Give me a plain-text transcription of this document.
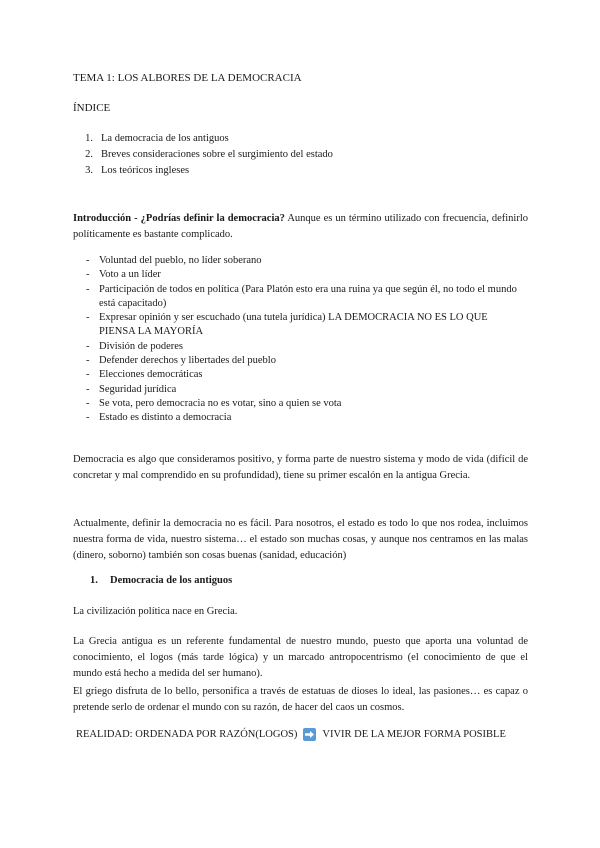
TEMA 1: LOS ALBORES DE LA DEMOCRACIA

ÍNDICE

1. La democracia de los antiguos
2. Breves consideraciones sobre el surgimiento del estado
3. Los teóricos ingleses

Introducción - ¿Podrías definir la democracia? Aunque es un término utilizado con frecuencia, definirlo políticamente es bastante complicado.

- Voluntad del pueblo, no líder soberano
- Voto a un líder
- Participación de todos en política (Para Platón esto era una ruina ya que según él, no todo el mundo está capacitado)
- Expresar opinión y ser escuchado (una tutela jurídica) LA DEMOCRACIA NO ES LO QUE PIENSA LA MAYORÍA
- División de poderes
- Defender derechos y libertades del pueblo
- Elecciones democráticas
- Seguridad jurídica
- Se vota, pero democracia no es votar, sino a quien se vota
- Estado es distinto a democracia

Democracia es algo que consideramos positivo, y forma parte de nuestro sistema y modo de vida (difícil de concretar y mal comprendido en su profundidad), tiene su primer escalón en la antigua Grecia.

Actualmente, definir la democracia no es fácil. Para nosotros, el estado es todo lo que nos rodea, incluimos nuestra forma de vida, nuestro sistema… el estado son muchas cosas, y aunque nos centramos en las malas (dinero, soborno) también son cosas buenas (sanidad, educación)

1.	Democracia de los antiguos

La civilización política nace en Grecia.

La Grecia antigua es un referente fundamental de nuestro mundo, puesto que aporta una voluntad de conocimiento, el logos (más tarde lógica) y un marcado antropocentrismo (el conocimiento de que el mundo está hecho a medida del ser humano).

El griego disfruta de lo bello, personifica a través de estatuas de dioses lo ideal, las pasiones… es capaz o pretende serlo de ordenar el mundo con su razón, de hacer del caos un cosmos.

REALIDAD: ORDENADA POR RAZÓN(LOGOS) VIVIR DE LA MEJOR FORMA POSIBLE
